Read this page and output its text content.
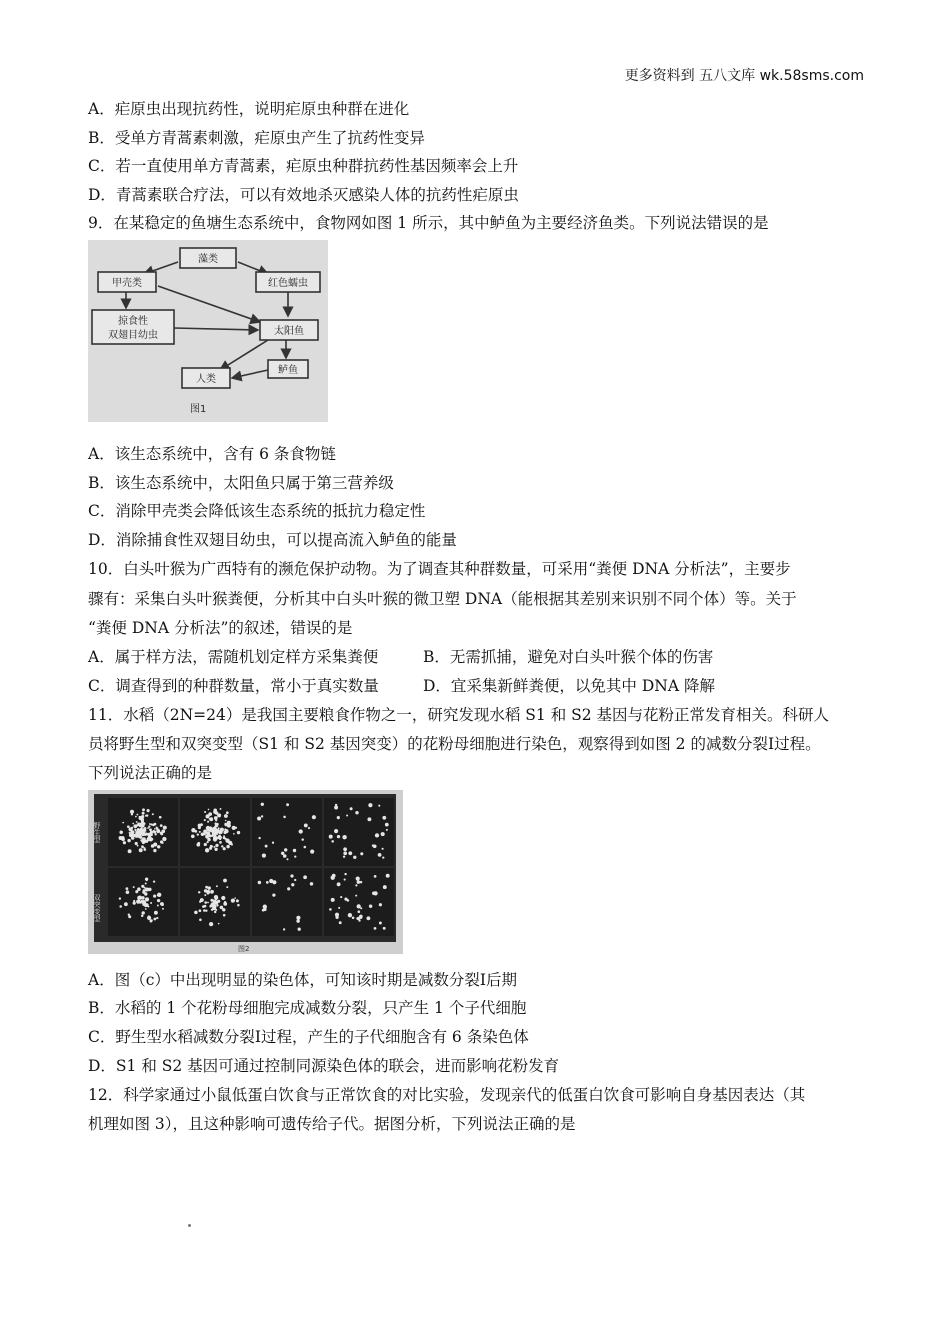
更多资料到 五八文库 wk.58sms.com
A．疟原虫出现抗药性，说明疟原虫种群在进化
B．受单方青蒿素刺激，疟原虫产生了抗药性变异
C．若一直使用单方青蒿素，疟原虫种群抗药性基因频率会上升
D．青蒿素联合疗法，可以有效地杀灭感染人体的抗药性疟原虫
9．在某稳定的鱼塘生态系统中，食物网如图 1 所示，其中鲈鱼为主要经济鱼类。下列说法错误的是
藻类
甲壳类	红色蠕虫
掠食性
双翅目幼虫	太阳鱼
鲈鱼
人类
图1
A．该生态系统中，含有 6 条食物链
B．该生态系统中，太阳鱼只属于第三营养级
C．消除甲壳类会降低该生态系统的抵抗力稳定性
D．消除捕食性双翅目幼虫，可以提高流入鲈鱼的能量
10．白头叶猴为广西特有的濒危保护动物。为了调查其种群数量，可采用“粪便 DNA 分析法”，主要步
骤有：采集白头叶猴粪便，分析其中白头叶猴的微卫塑 DNA（能根据其差别来识别不同个体）等。关于
“粪便 DNA 分析法”的叙述，错误的是
A．属于样方法，需随机划定样方采集粪便	B．无需抓捕，避免对白头叶猴个体的伤害
C．调查得到的种群数量，常小于真实数量	D．宜采集新鲜粪便，以免其中 DNA 降解
11．水稻（2N=24）是我国主要粮食作物之一，研究发现水稻 S1 和 S2 基因与花粉正常发育相关。科研人
员将野生型和双突变型（S1 和 S2 基因突变）的花粉母细胞进行染色，观察得到如图 2 的减数分裂Ⅰ过程。
下列说法正确的是
野生型
双突变型
图2
A．图（c）中出现明显的染色体，可知该时期是减数分裂Ⅰ后期
B．水稻的 1 个花粉母细胞完成减数分裂，只产生 1 个子代细胞
C．野生型水稻减数分裂Ⅰ过程，产生的子代细胞含有 6 条染色体
D．S1 和 S2 基因可通过控制同源染色体的联会，进而影响花粉发育
12．科学家通过小鼠低蛋白饮食与正常饮食的对比实验，发现亲代的低蛋白饮食可影响自身基因表达（其
机理如图 3），且这种影响可遗传给子代。据图分析，下列说法正确的是
